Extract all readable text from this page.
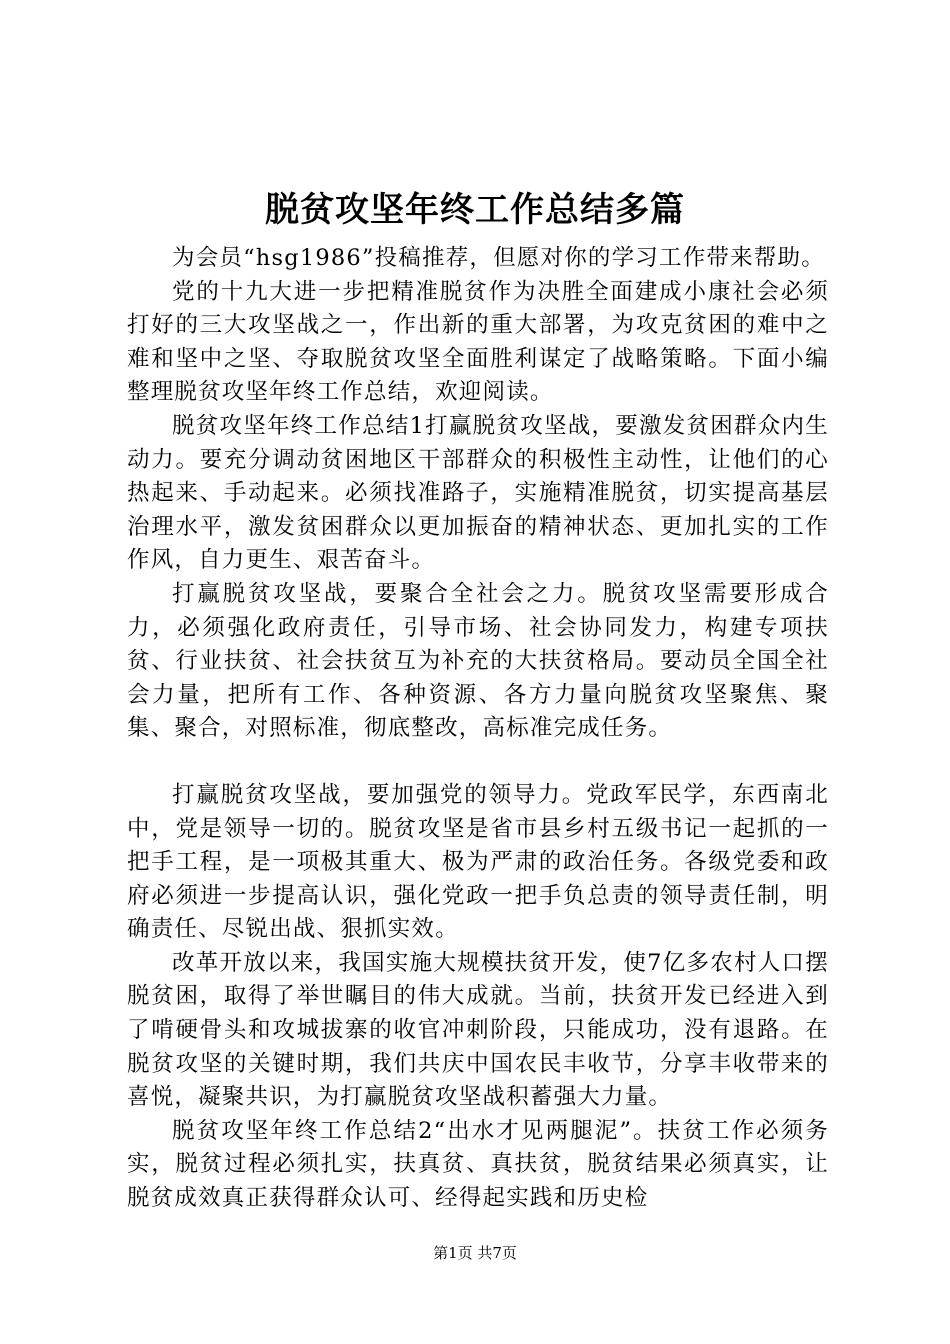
脱贫攻坚年终工作总结多篇

为会员“hsg1986”投稿推荐，但愿对你的学习工作带来帮助。

党的十九大进一步把精准脱贫作为决胜全面建成小康社会必须打好的三大攻坚战之一，作出新的重大部署，为攻克贫困的难中之难和坚中之坚、夺取脱贫攻坚全面胜利谋定了战略策略。下面小编整理脱贫攻坚年终工作总结，欢迎阅读。

脱贫攻坚年终工作总结1打赢脱贫攻坚战，要激发贫困群众内生动力。要充分调动贫困地区干部群众的积极性主动性，让他们的心热起来、手动起来。必须找准路子，实施精准脱贫，切实提高基层治理水平，激发贫困群众以更加振奋的精神状态、更加扎实的工作作风，自力更生、艰苦奋斗。

打赢脱贫攻坚战，要聚合全社会之力。脱贫攻坚需要形成合力，必须强化政府责任，引导市场、社会协同发力，构建专项扶贫、行业扶贫、社会扶贫互为补充的大扶贫格局。要动员全国全社会力量，把所有工作、各种资源、各方力量向脱贫攻坚聚焦、聚集、聚合，对照标准，彻底整改，高标准完成任务。

打赢脱贫攻坚战，要加强党的领导力。党政军民学，东西南北中，党是领导一切的。脱贫攻坚是省市县乡村五级书记一起抓的一把手工程，是一项极其重大、极为严肃的政治任务。各级党委和政府必须进一步提高认识，强化党政一把手负总责的领导责任制，明确责任、尽锐出战、狠抓实效。

改革开放以来，我国实施大规模扶贫开发，使7亿多农村人口摆脱贫困，取得了举世瞩目的伟大成就。当前，扶贫开发已经进入到了啃硬骨头和攻城拔寨的收官冲刺阶段，只能成功，没有退路。在脱贫攻坚的关键时期，我们共庆中国农民丰收节，分享丰收带来的喜悦，凝聚共识，为打赢脱贫攻坚战积蓄强大力量。

脱贫攻坚年终工作总结2“出水才见两腿泥”。扶贫工作必须务实，脱贫过程必须扎实，扶真贫、真扶贫，脱贫结果必须真实，让脱贫成效真正获得群众认可、经得起实践和历史检

第1页 共7页
